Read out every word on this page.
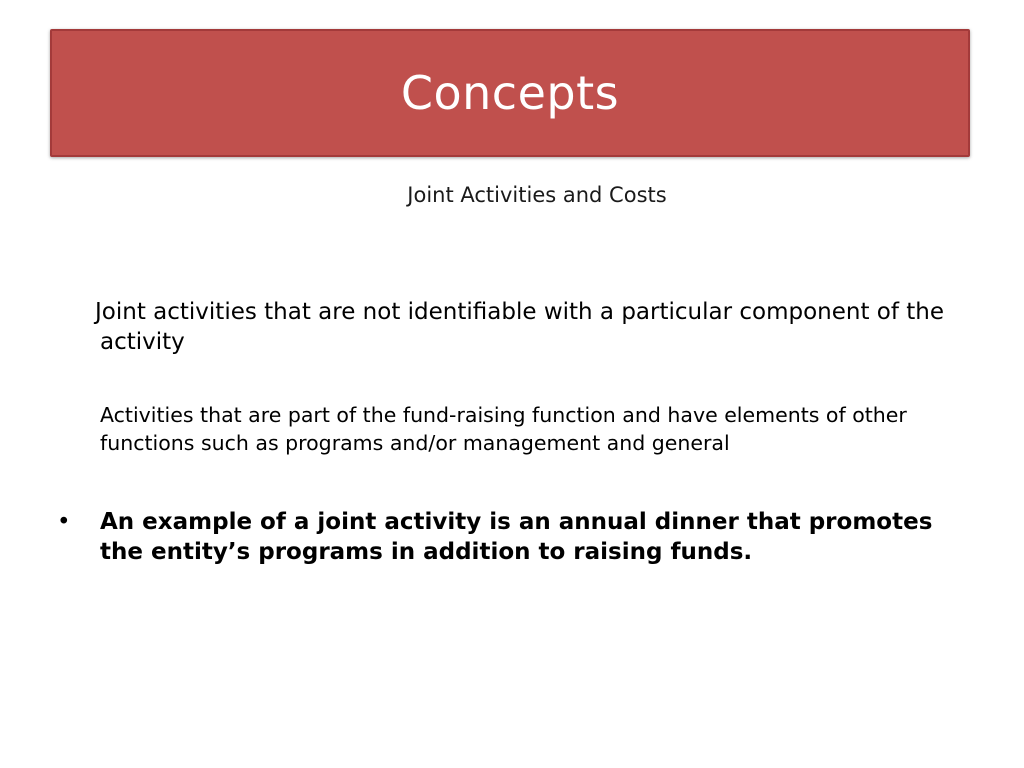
Concepts
Joint Activities and Costs
Joint activities that are not identifiable with a particular component of the activity
Activities that are part of the fund-raising function and have elements of other functions such as programs and/or management and general
•	An example of a joint activity is an annual dinner that promotes the entity’s programs in addition to raising funds.
